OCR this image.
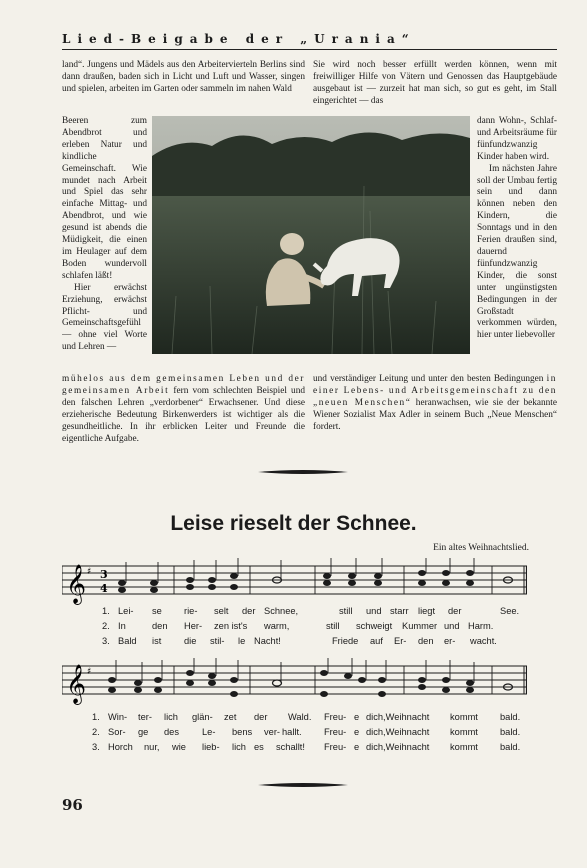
Lied-Beigabe der „Urania“

land“. Jungens und Mädels aus den Arbeitervierteln Berlins sind dann draußen, baden sich in Licht und Luft und Wasser, singen und spielen, arbeiten im Garten oder sammeln im nahen Wald

Beeren zum Abendbrot und erleben Natur und kindliche Gemeinschaft. Wie mundet nach Arbeit und Spiel das sehr einfache Mittag- und Abendbrot, und wie gesund ist abends die Müdigkeit, die einen im Heulager auf dem Boden wundervoll schlafen läßt!

Hier erwächst Erziehung, erwächst Pflicht- und Gemeinschaftsgefühl — ohne viel Worte und Lehren —

Sie wird noch besser erfüllt werden können, wenn mit freiwilliger Hilfe von Vätern und Genossen das Hauptgebäude ausgebaut ist — zurzeit hat man sich, so gut es geht, im Stall eingerichtet — das

dann Wohn-, Schlaf- und Arbeitsräume für fünfundzwanzig Kinder haben wird.

Im nächsten Jahre soll der Umbau fertig sein und dann können neben den Kindern, die Sonntags und in den Ferien draußen sind, dauernd fünfundzwanzig Kinder, die sonst unter ungünstigsten Bedingungen in der Großstadt verkommen würden, hier unter liebevoller

mühelos aus dem gemeinsamen Leben und der gemeinsamen Arbeit fern vom schlechten Beispiel und den falschen Lehren „verdorbener“ Erwachsener. Und diese erzieherische Bedeutung Birkenwerders ist wichtiger als die gesundheitliche. In ihr erblicken Leiter und Freunde die eigentliche Aufgabe.
und verständiger Leitung und unter den besten Bedingungen in einer Lebens- und Arbeitsgemeinschaft zu den „neuen Menschen“ heranwachsen, wie sie der bekannte Wiener Sozialist Max Adler in seinem Buch „Neue Menschen“ fordert.
Leise rieselt der Schnee.
Ein altes Weihnachtslied.
𝄞 ♯ 3
4
1. Lei- se rie- selt der Schnee,	still und starr liegt der	See.
2. In	den Her- zen ist's warm,	still schweigt Kummer und Harm.
3. Bald ist die stil- le Nacht!	Friede auf Er- den er- wacht.
𝄞 ♯
1. Win- ter- lich glän- zet der Wald. Freu- e dich,Weihnacht kommt bald.
2. Sor- ge des Le- bens ver- hallt. Freu- e dich,Weihnacht kommt bald.
3. Horch nur, wie lieb- lich es schallt! Freu- e dich,Weihnacht kommt bald.
96
